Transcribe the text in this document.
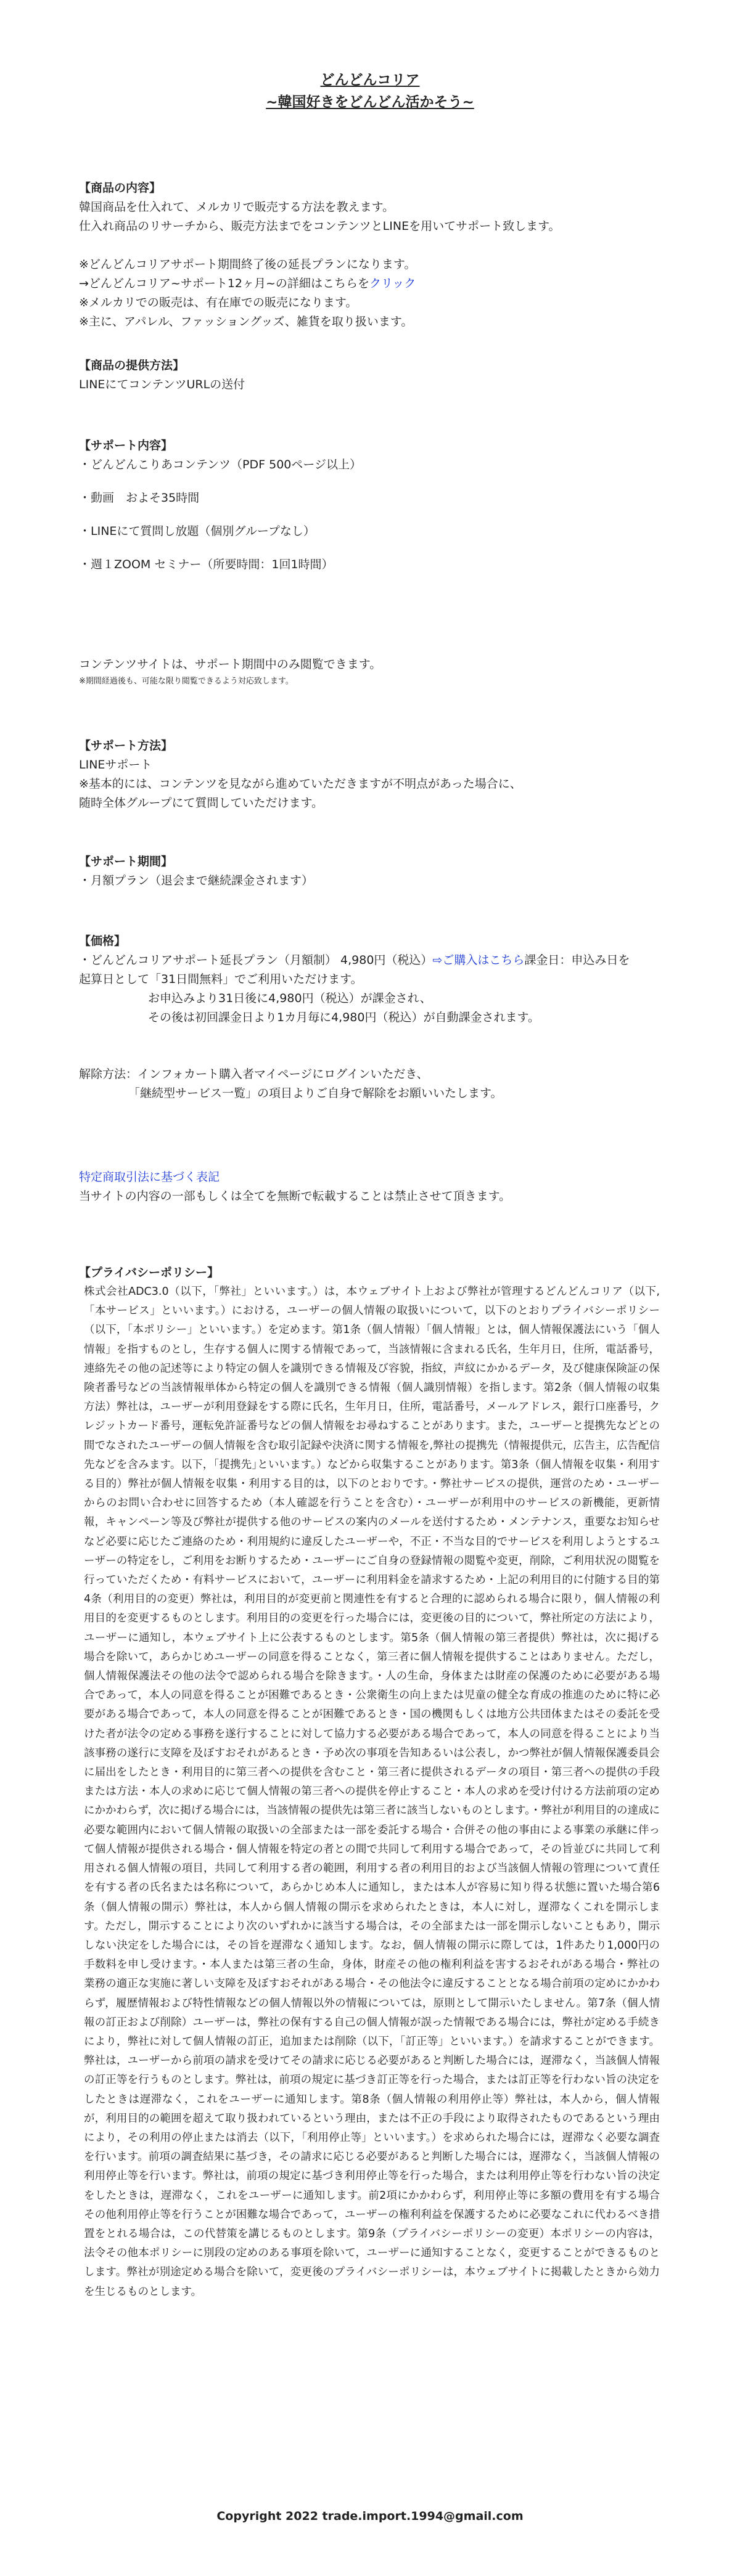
どんどんコリア
~韓国好きをどんどん活かそう~

【商品の内容】

韓国商品を仕入れて、メルカリで販売する方法を教えます。

仕入れ商品のリサーチから、販売方法までをコンテンツとLINEを用いてサポート致します。

※どんどんコリアサポート期間終了後の延長プランになります。

→どんどんコリア~サポート12ヶ月~の詳細はこちらをクリック

※メルカリでの販売は、有在庫での販売になります。

※主に、アパレル、ファッショングッズ、雑貨を取り扱います。

【商品の提供方法】

LINEにてコンテンツURLの送付

【サポート内容】

・どんどんこりあコンテンツ（PDF 500ページ以上）

・動画　およそ35時間

・LINEにて質問し放題（個別グループなし）

・週１ZOOM セミナー（所要時間：1回1時間）

コンテンツサイトは、サポート期間中のみ閲覧できます。

※期間経過後も、可能な限り閲覧できるよう対応致します。

【サポート方法】

LINEサポート

※基本的には、コンテンツを見ながら進めていただきますが不明点があった場合に、

随時全体グループにて質問していただけます。

【サポート期間】

・月額プラン（退会まで継続課金されます）

【価格】

・どんどんコリアサポート延長プラン（月額制） 4,980円（税込）⇨ご購入はこちら課金日：申込み日を

起算日として「31日間無料」でご利用いただけます。

お申込みより31日後に4,980円（税込）が課金され、

その後は初回課金日より1カ月毎に4,980円（税込）が自動課金されます。

解除方法：インフォカート購入者マイページにログインいただき、

「継続型サービス一覧」の項目よりご自身で解除をお願いいたします。

特定商取引法に基づく表記

当サイトの内容の一部もしくは全てを無断で転載することは禁止させて頂きます。

【プライバシーポリシー】

株式会社ADC3.0（以下，「弊社」といいます。）は，本ウェブサイト上および弊社が管理するどんどんコリア（以下,「本サービス」といいます。）における，ユーザーの個人情報の取扱いについて，以下のとおりプライバシーポリシー（以下，「本ポリシー」といいます。）を定めます。第1条（個人情報）「個人情報」とは，個人情報保護法にいう「個人情報」を指すものとし，生存する個人に関する情報であって，当該情報に含まれる氏名，生年月日，住所，電話番号，連絡先その他の記述等により特定の個人を識別できる情報及び容貌，指紋，声紋にかかるデータ，及び健康保険証の保険者番号などの当該情報単体から特定の個人を識別できる情報（個人識別情報）を指します。第2条（個人情報の収集方法）弊社は，ユーザーが利用登録をする際に氏名，生年月日，住所，電話番号，メールアドレス，銀行口座番号，クレジットカード番号，運転免許証番号などの個人情報をお尋ねすることがあります。また，ユーザーと提携先などとの間でなされたユーザーの個人情報を含む取引記録や決済に関する情報を,弊社の提携先（情報提供元，広告主，広告配信先などを含みます。以下，｢提携先｣といいます。）などから収集することがあります。第3条（個人情報を収集・利用する目的）弊社が個人情報を収集・利用する目的は，以下のとおりです。・弊社サービスの提供，運営のため・ユーザーからのお問い合わせに回答するため（本人確認を行うことを含む）・ユーザーが利用中のサービスの新機能，更新情報，キャンペーン等及び弊社が提供する他のサービスの案内のメールを送付するため・メンテナンス，重要なお知らせなど必要に応じたご連絡のため・利用規約に違反したユーザーや，不正・不当な目的でサービスを利用しようとするユーザーの特定をし，ご利用をお断りするため・ユーザーにご自身の登録情報の閲覧や変更，削除，ご利用状況の閲覧を行っていただくため・有料サービスにおいて，ユーザーに利用料金を請求するため・上記の利用目的に付随する目的第4条（利用目的の変更）弊社は，利用目的が変更前と関連性を有すると合理的に認められる場合に限り，個人情報の利用目的を変更するものとします。利用目的の変更を行った場合には，変更後の目的について，弊社所定の方法により，ユーザーに通知し，本ウェブサイト上に公表するものとします。第5条（個人情報の第三者提供）弊社は，次に掲げる場合を除いて，あらかじめユーザーの同意を得ることなく，第三者に個人情報を提供することはありません。ただし，個人情報保護法その他の法令で認められる場合を除きます。・人の生命，身体または財産の保護のために必要がある場合であって，本人の同意を得ることが困難であるとき・公衆衛生の向上または児童の健全な育成の推進のために特に必要がある場合であって，本人の同意を得ることが困難であるとき・国の機関もしくは地方公共団体またはその委託を受けた者が法令の定める事務を遂行することに対して協力する必要がある場合であって，本人の同意を得ることにより当該事務の遂行に支障を及ぼすおそれがあるとき・予め次の事項を告知あるいは公表し，かつ弊社が個人情報保護委員会に届出をしたとき・利用目的に第三者への提供を含むこと・第三者に提供されるデータの項目・第三者への提供の手段または方法・本人の求めに応じて個人情報の第三者への提供を停止すること・本人の求めを受け付ける方法前項の定めにかかわらず，次に掲げる場合には，当該情報の提供先は第三者に該当しないものとします。・弊社が利用目的の達成に必要な範囲内において個人情報の取扱いの全部または一部を委託する場合・合併その他の事由による事業の承継に伴って個人情報が提供される場合・個人情報を特定の者との間で共同して利用する場合であって，その旨並びに共同して利用される個人情報の項目，共同して利用する者の範囲，利用する者の利用目的および当該個人情報の管理について責任を有する者の氏名または名称について，あらかじめ本人に通知し，または本人が容易に知り得る状態に置いた場合第6条（個人情報の開示）弊社は，本人から個人情報の開示を求められたときは，本人に対し，遅滞なくこれを開示します。ただし，開示することにより次のいずれかに該当する場合は，その全部または一部を開示しないこともあり，開示しない決定をした場合には，その旨を遅滞なく通知します。なお，個人情報の開示に際しては，1件あたり1,000円の手数料を申し受けます。・本人または第三者の生命，身体，財産その他の権利利益を害するおそれがある場合・弊社の業務の適正な実施に著しい支障を及ぼすおそれがある場合・その他法令に違反することとなる場合前項の定めにかかわらず，履歴情報および特性情報などの個人情報以外の情報については，原則として開示いたしません。第7条（個人情報の訂正および削除）ユーザーは，弊社の保有する自己の個人情報が誤った情報である場合には，弊社が定める手続きにより，弊社に対して個人情報の訂正，追加または削除（以下，「訂正等」といいます。）を請求することができます。弊社は，ユーザーから前項の請求を受けてその請求に応じる必要があると判断した場合には，遅滞なく，当該個人情報の訂正等を行うものとします。弊社は，前項の規定に基づき訂正等を行った場合，または訂正等を行わない旨の決定をしたときは遅滞なく，これをユーザーに通知します。第8条（個人情報の利用停止等）弊社は，本人から，個人情報が，利用目的の範囲を超えて取り扱われているという理由，または不正の手段により取得されたものであるという理由により，その利用の停止または消去（以下，「利用停止等」といいます。）を求められた場合には，遅滞なく必要な調査を行います。前項の調査結果に基づき，その請求に応じる必要があると判断した場合には，遅滞なく，当該個人情報の利用停止等を行います。弊社は，前項の規定に基づき利用停止等を行った場合，または利用停止等を行わない旨の決定をしたときは，遅滞なく，これをユーザーに通知します。前2項にかかわらず，利用停止等に多額の費用を有する場合その他利用停止等を行うことが困難な場合であって，ユーザーの権利利益を保護するために必要なこれに代わるべき措置をとれる場合は，この代替策を講じるものとします。第9条（プライバシーポリシーの変更）本ポリシーの内容は，法令その他本ポリシーに別段の定めのある事項を除いて，ユーザーに通知することなく，変更することができるものとします。弊社が別途定める場合を除いて，変更後のプライバシーポリシーは，本ウェブサイトに掲載したときから効力を生じるものとします。

Copyright 2022 trade.import.1994@gmail.com
